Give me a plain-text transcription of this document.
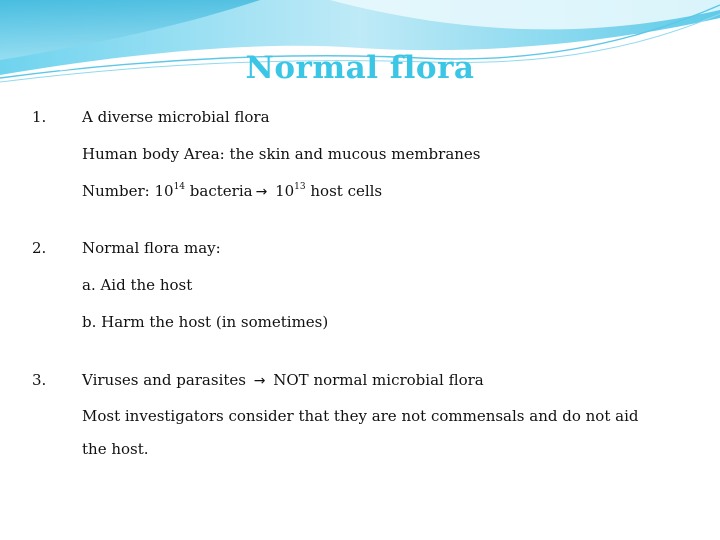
Normal flora
1. A diverse microbial flora
Human body Area: the skin and mucous membranes
Number: $10^{14}$ bacteria → $10^{13}$ host cells
2. Normal flora may:
a. Aid the host
b. Harm the host (in sometimes)
3. Viruses and parasites → NOT normal microbial flora
Most investigators consider that they are not commensals and do not aid
the host.
